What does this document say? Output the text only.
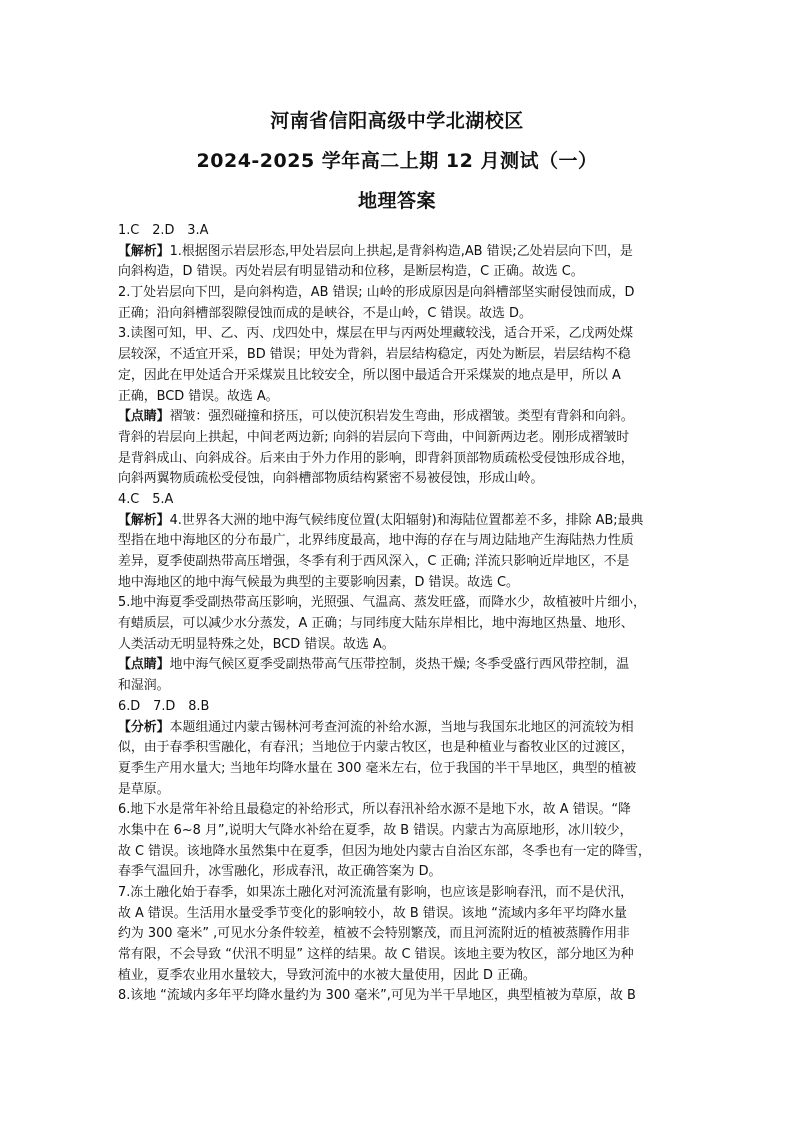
河南省信阳高级中学北湖校区
2024-2025 学年高二上期 12 月测试（一）
地理答案
1.C　2.D　3.A
【解析】1.根据图示岩层形态,甲处岩层向上拱起,是背斜构造,AB 错误;乙处岩层向下凹，是
向斜构造，D 错误。丙处岩层有明显错动和位移，是断层构造，C 正确。故选 C。
2.丁处岩层向下凹，是向斜构造，AB 错误; 山岭的形成原因是向斜槽部坚实耐侵蚀而成，D
正确；沿向斜槽部裂隙侵蚀而成的是峡谷，不是山岭，C 错误。故选 D。
3.读图可知，甲、乙、丙、戊四处中，煤层在甲与丙两处埋藏较浅，适合开采，乙戊两处煤
层较深，不适宜开采，BD 错误；甲处为背斜，岩层结构稳定，丙处为断层，岩层结构不稳
定，因此在甲处适合开采煤炭且比较安全，所以图中最适合开采煤炭的地点是甲，所以 A
正确，BCD 错误。故选 A。
【点睛】褶皱：强烈碰撞和挤压，可以使沉积岩发生弯曲，形成褶皱。类型有背斜和向斜。
背斜的岩层向上拱起，中间老两边新; 向斜的岩层向下弯曲，中间新两边老。刚形成褶皱时
是背斜成山、向斜成谷。后来由于外力作用的影响，即背斜顶部物质疏松受侵蚀形成谷地，
向斜两翼物质疏松受侵蚀，向斜槽部物质结构紧密不易被侵蚀，形成山岭。
4.C　5.A
【解析】4.世界各大洲的地中海气候纬度位置(太阳辐射)和海陆位置都差不多，排除 AB;最典
型指在地中海地区的分布最广，北界纬度最高，地中海的存在与周边陆地产生海陆热力性质
差异，夏季使副热带高压增强，冬季有利于西风深入，C 正确; 洋流只影响近岸地区，不是
地中海地区的地中海气候最为典型的主要影响因素，D 错误。故选 C。
5.地中海夏季受副热带高压影响，光照强、气温高、蒸发旺盛，而降水少，故植被叶片细小，
有蜡质层，可以减少水分蒸发，A 正确；与同纬度大陆东岸相比，地中海地区热量、地形、
人类活动无明显特殊之处，BCD 错误。故选 A。
【点睛】地中海气候区夏季受副热带高气压带控制，炎热干燥; 冬季受盛行西风带控制，温
和湿润。
6.D　7.D　8.B
【分析】本题组通过内蒙古锡林河考查河流的补给水源，当地与我国东北地区的河流较为相
似，由于春季积雪融化，有春汛；当地位于内蒙古牧区，也是种植业与畜牧业区的过渡区，
夏季生产用水量大; 当地年均降水量在 300 毫米左右，位于我国的半干旱地区，典型的植被
是草原。
6.地下水是常年补给且最稳定的补给形式，所以春汛补给水源不是地下水，故 A 错误。“降
水集中在 6~8 月”,说明大气降水补给在夏季，故 B 错误。内蒙古为高原地形，冰川较少，
故 C 错误。该地降水虽然集中在夏季，但因为地处内蒙古自治区东部，冬季也有一定的降雪，
春季气温回升，冰雪融化，形成春汛，故正确答案为 D。
7.冻土融化始于春季，如果冻土融化对河流流量有影响，也应该是影响春汛，而不是伏汛，
故 A 错误。生活用水量受季节变化的影响较小，故 B 错误。该地 “流域内多年平均降水量
约为 300 毫米” ,可见水分条件较差，植被不会特别繁茂，而且河流附近的植被蒸腾作用非
常有限，不会导致 “伏汛不明显” 这样的结果。故 C 错误。该地主要为牧区，部分地区为种
植业，夏季农业用水量较大，导致河流中的水被大量使用，因此 D 正确。
8.该地 “流域内多年平均降水量约为 300 毫米”,可见为半干旱地区，典型植被为草原，故 B
